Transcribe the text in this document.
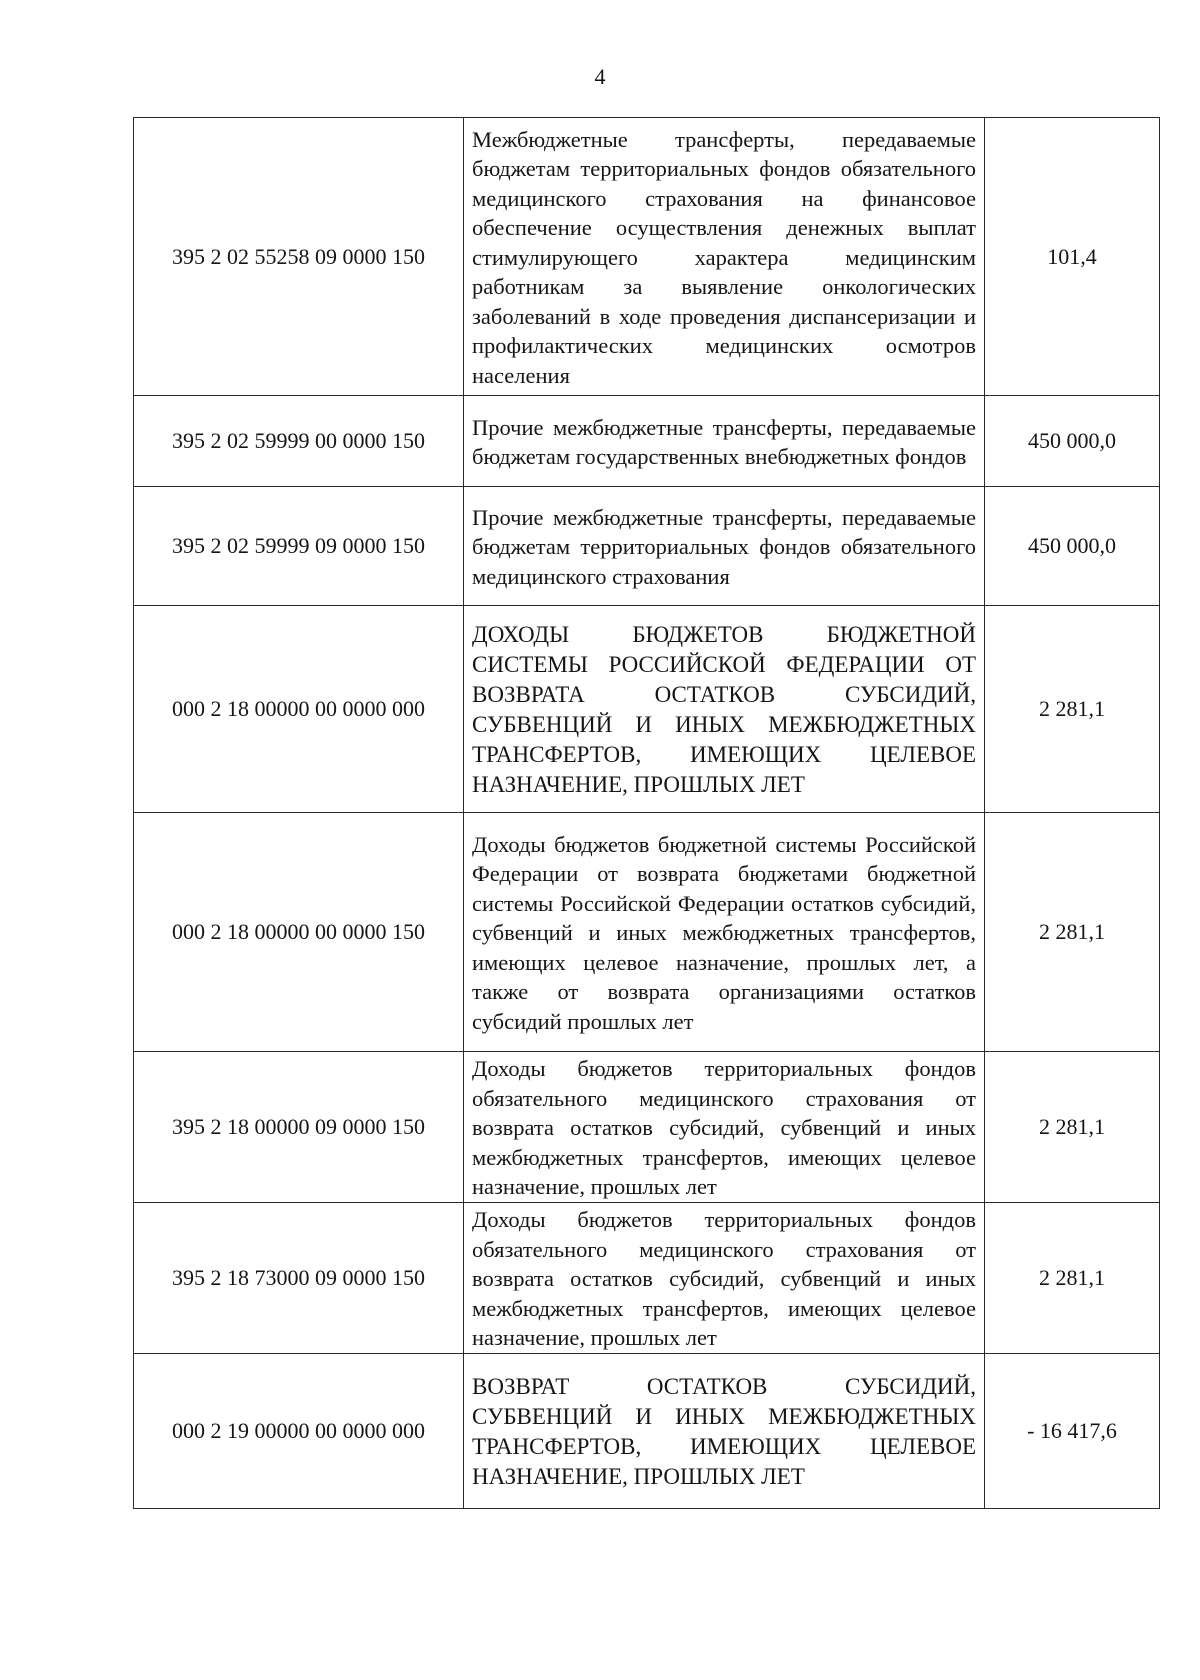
4
395 2 02 55258 09 0000 150
Межбюджетные трансферты, передаваемые бюджетам территориальных фондов обязательного медицинского страхования на финансовое обеспечение осуществления денежных выплат стимулирующего характера медицинским работникам за выявление онкологических заболеваний в ходе проведения диспансеризации и профилактических медицинских осмотров населения
101,4
395 2 02 59999 00 0000 150
Прочие межбюджетные трансферты, передаваемые бюджетам государственных внебюджетных фондов
450 000,0
395 2 02 59999 09 0000 150
Прочие межбюджетные трансферты, передаваемые бюджетам территориальных фондов обязательного медицинского страхования
450 000,0
000 2 18 00000 00 0000 000
ДОХОДЫ БЮДЖЕТОВ БЮДЖЕТНОЙ СИСТЕМЫ РОССИЙСКОЙ ФЕДЕРАЦИИ ОТ ВОЗВРАТА ОСТАТКОВ СУБСИДИЙ, СУБВЕНЦИЙ И ИНЫХ МЕЖБЮДЖЕТНЫХ ТРАНСФЕРТОВ, ИМЕЮЩИХ ЦЕЛЕВОЕ НАЗНАЧЕНИЕ, ПРОШЛЫХ ЛЕТ
2 281,1
000 2 18 00000 00 0000 150
Доходы бюджетов бюджетной системы Российской Федерации от возврата бюджетами бюджетной системы Российской Федерации остатков субсидий, субвенций и иных межбюджетных трансфертов, имеющих целевое назначение, прошлых лет, а также от возврата организациями остатков субсидий прошлых лет
2 281,1
395 2 18 00000 09 0000 150
Доходы бюджетов территориальных фондов обязательного медицинского страхования от возврата остатков субсидий, субвенций и иных межбюджетных трансфертов, имеющих целевое назначение, прошлых лет
2 281,1
395 2 18 73000 09 0000 150
Доходы бюджетов территориальных фондов обязательного медицинского страхования от возврата остатков субсидий, субвенций и иных межбюджетных трансфертов, имеющих целевое назначение, прошлых лет
2 281,1
000 2 19 00000 00 0000 000
ВОЗВРАТ ОСТАТКОВ СУБСИДИЙ, СУБВЕНЦИЙ И ИНЫХ МЕЖБЮДЖЕТНЫХ ТРАНСФЕРТОВ, ИМЕЮЩИХ ЦЕЛЕВОЕ НАЗНАЧЕНИЕ, ПРОШЛЫХ ЛЕТ
- 16 417,6
